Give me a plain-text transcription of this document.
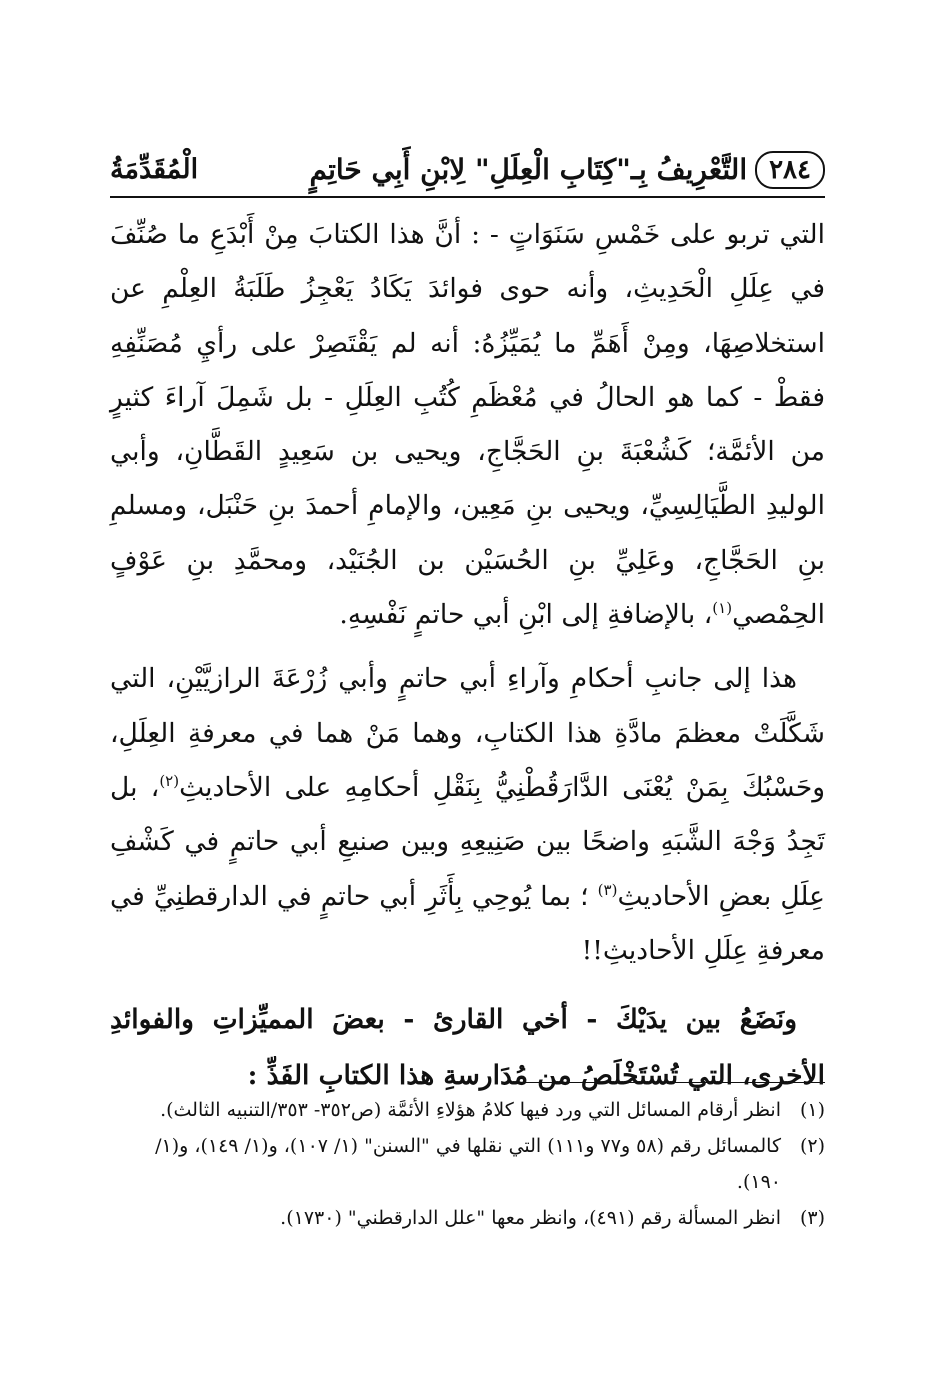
٢٨٤
التَّعْرِيفُ بِـ"كِتَابِ الْعِلَلِ" لِابْنِ أَبِي حَاتِمٍ
الْمُقَدِّمَةُ

التي تربو على خَمْسِ سَنَوَاتٍ - : أنَّ هذا الكتابَ مِنْ أَبْدَعِ ما صُنِّفَ في عِلَلِ الْحَدِيثِ، وأنه حوى فوائدَ يَكَادُ يَعْجِزُ طَلَبَةُ العِلْمِ عن استخلاصِهَا، ومِنْ أَهَمِّ ما يُمَيِّزُهُ: أنه لم يَقْتَصِرْ على رأيِ مُصَنِّفِهِ فقطْ - كما هو الحالُ في مُعْظَمِ كُتُبِ العِلَلِ - بل شَمِلَ آراءَ كثيرٍ من الأئمَّة؛ كَشُعْبَةَ بنِ الحَجَّاجِ، ويحيى بن سَعِيدٍ القَطَّانِ، وأبي الوليدِ الطَّيَالِسِيِّ، ويحيى بنِ مَعِين، والإمامِ أحمدَ بنِ حَنْبَل، ومسلمِ بنِ الحَجَّاجِ، وعَلِيِّ بنِ الحُسَيْن بن الجُنَيْد، ومحمَّدِ بنِ عَوْفٍ الحِمْصي$^{(١)}$، بالإضافةِ إلى ابْنِ أبي حاتمٍ نَفْسِهِ.

هذا إلى جانبِ أحكامِ وآراءِ أبي حاتمٍ وأبي زُرْعَةَ الرازيَّيْنِ، التي شَكَّلَتْ معظمَ مادَّةِ هذا الكتابِ، وهما مَنْ هما في معرفةِ العِلَلِ، وحَسْبُكَ بِمَنْ يُعْنَى الدَّارَقُطْنِيُّ بِنَقْلِ أحكامِهِ على الأحاديثِ$^{(٢)}$، بل تَجِدُ وَجْهَ الشَّبَهِ واضحًا بين صَنِيعِهِ وبين صنيعِ أبي حاتمٍ في كَشْفِ عِلَلِ بعضِ الأحاديثِ$^{(٣)}$ ؛ بما يُوحِي بِأَثَرِ أبي حاتمٍ في الدارقطنِيِّ في معرفةِ عِلَلِ الأحاديثِ!!

ونَضَعُ بين يدَيْكَ - أخي القارئ - بعضَ المميِّزاتِ والفوائدِ الأخرى، التي تُسْتَخْلَصُ من مُدَارسةِ هذا الكتابِ الفَذِّ :

(١)
انظر أرقام المسائل التي ورد فيها كلامُ هؤلاءِ الأئمَّة (ص٣٥٢- ٣٥٣/التنبيه الثالث).
(٢)
كالمسائل رقم (٥٨ و٧٧ و١١١) التي نقلها في "السنن" (١/ ١٠٧)، و(١/ ١٤٩)، و(١/ ١٩٠).
(٣)
انظر المسألة رقم (٤٩١)، وانظر معها "علل الدارقطني" (١٧٣٠).
